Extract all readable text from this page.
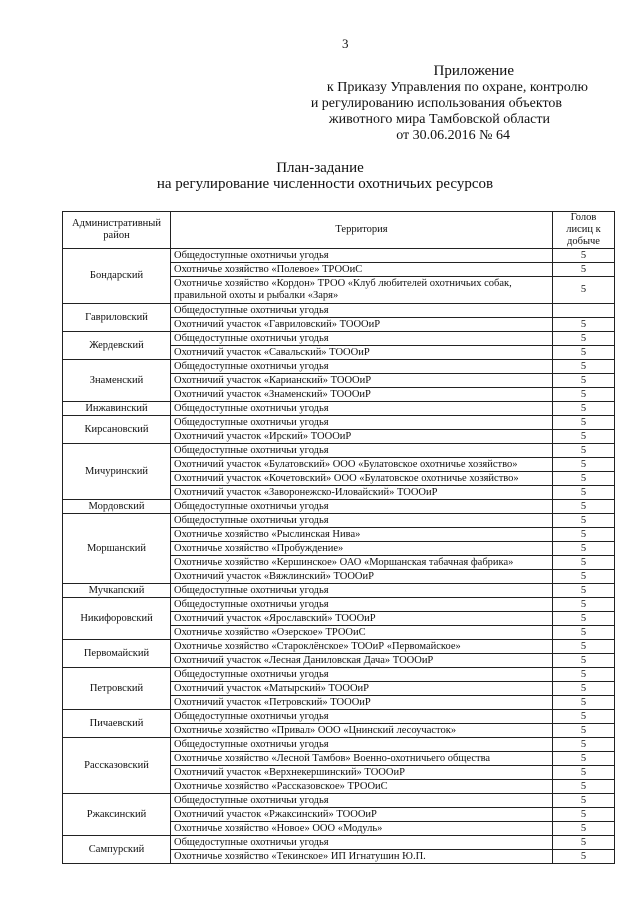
3
Приложение
к Приказу Управления по охране, контролю
и регулированию использования объектов
животного мира Тамбовской области
от 30.06.2016 № 64
План-задание
на регулирование численности охотничьих ресурсов
Административный район	Территория	Голов лисиц к добыче
Бондарский	Общедоступные охотничьи угодья	5
	Охотничье хозяйство «Полевое» ТРООиС	5
	Охотничье хозяйство «Кордон» ТРОО «Клуб любителей охотничьих собак, правильной охоты и рыбалки «Заря»	5
Гавриловский	Общедоступные охотничьи угодья	
	Охотничий участок «Гавриловский» ТОООиР	5
Жердевский	Общедоступные охотничьи угодья	5
	Охотничий участок «Савальский» ТОООиР	5
Знаменский	Общедоступные охотничьи угодья	5
	Охотничий участок «Карианский» ТОООиР	5
	Охотничий участок «Знаменский» ТОООиР	5
Инжавинский	Общедоступные охотничьи угодья	5
Кирсановский	Общедоступные охотничьи угодья	5
	Охотничий участок «Ирский» ТОООиР	5
Мичуринский	Общедоступные охотничьи угодья	5
	Охотничий участок «Булатовский» ООО «Булатовское охотничье хозяйство»	5
	Охотничий участок «Кочетовский» ООО «Булатовское охотничье хозяйство»	5
	Охотничий участок «Заворонежско-Иловайский» ТОООиР	5
Мордовский	Общедоступные охотничьи угодья	5
Моршанский	Общедоступные охотничьи угодья	5
	Охотничье хозяйство «Рыслинская Нива»	5
	Охотничье хозяйство «Пробуждение»	5
	Охотничье хозяйство «Кершинское» ОАО «Моршанская табачная фабрика»	5
	Охотничий участок «Вяжлинский» ТОООиР	5
Мучкапский	Общедоступные охотничьи угодья	5
Никифоровский	Общедоступные охотничьи угодья	5
	Охотничий участок «Ярославский» ТОООиР	5
	Охотничье хозяйство «Озерское» ТРООиС	5
Первомайский	Охотничье хозяйство «Староклёнское» ТООиР «Первомайское»	5
	Охотничий участок «Лесная Даниловская Дача» ТОООиР	5
Петровский	Общедоступные охотничьи угодья	5
	Охотничий участок «Матырский» ТОООиР	5
	Охотничий участок «Петровский» ТОООиР	5
Пичаевский	Общедоступные охотничьи угодья	5
	Охотничье хозяйство «Привал» ООО «Цнинский лесоучасток»	5
Рассказовский	Общедоступные охотничьи угодья	5
	Охотничье хозяйство «Лесной Тамбов» Военно-охотничьего общества	5
	Охотничий участок «Верхнекершинский» ТОООиР	5
	Охотничье хозяйство «Рассказовское» ТРООиС	5
Ржаксинский	Общедоступные охотничьи угодья	5
	Охотничий участок «Ржаксинский» ТОООиР	5
	Охотничье хозяйство «Новое» ООО «Модуль»	5
Сампурский	Общедоступные охотничьи угодья	5
	Охотничье хозяйство «Текинское» ИП Игнатушин Ю.П.	5
